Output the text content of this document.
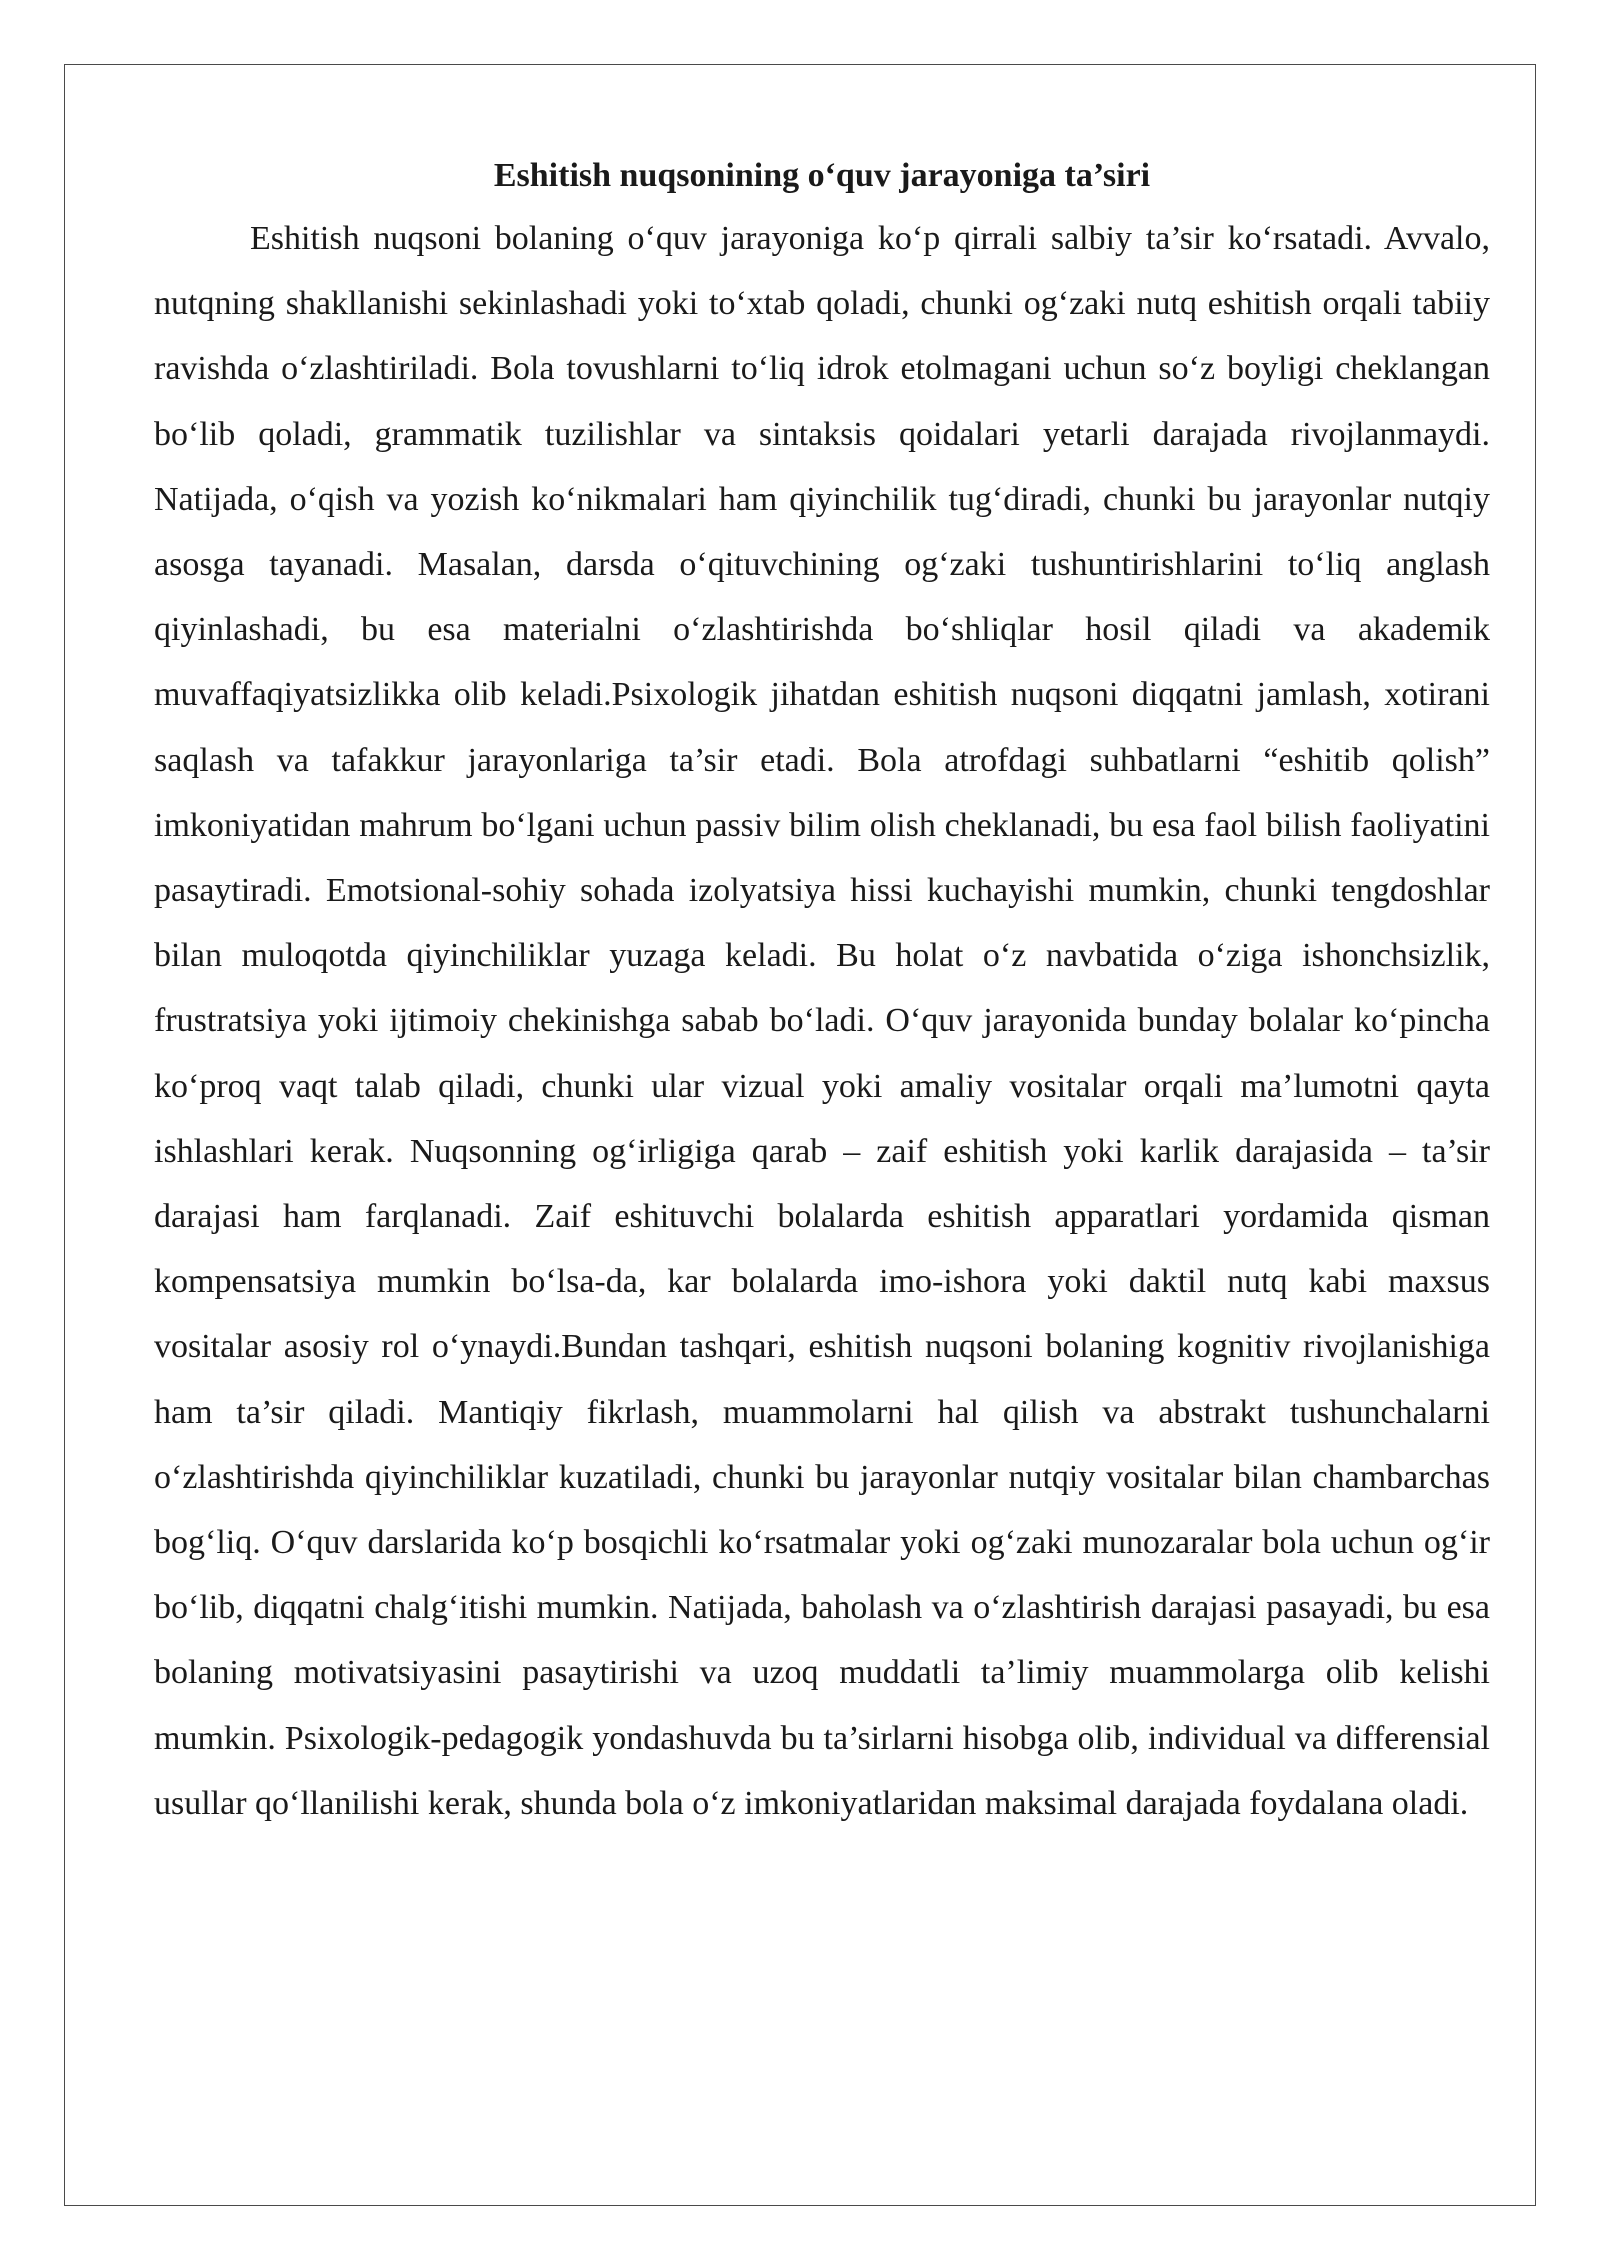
Eshitish nuqsonining o‘quv jarayoniga ta’siri

Eshitish nuqsoni bolaning o‘quv jarayoniga ko‘p qirrali salbiy ta’sir ko‘rsatadi. Avvalo, nutqning shakllanishi sekinlashadi yoki to‘xtab qoladi, chunki og‘zaki nutq eshitish orqali tabiiy ravishda o‘zlashtiriladi. Bola tovushlarni to‘liq idrok etolmagani uchun so‘z boyligi cheklangan bo‘lib qoladi, grammatik tuzilishlar va sintaksis qoidalari yetarli darajada rivojlanmaydi. Natijada, o‘qish va yozish ko‘nikmalari ham qiyinchilik tug‘diradi, chunki bu jarayonlar nutqiy asosga tayanadi. Masalan, darsda o‘qituvchining og‘zaki tushuntirishlarini to‘liq anglash qiyinlashadi, bu esa materialni o‘zlashtirishda bo‘shliqlar hosil qiladi va akademik muvaffaqiyatsizlikka olib keladi.Psixologik jihatdan eshitish nuqsoni diqqatni jamlash, xotirani saqlash va tafakkur jarayonlariga ta’sir etadi. Bola atrofdagi suhbatlarni “eshitib qolish” imkoniyatidan mahrum bo‘lgani uchun passiv bilim olish cheklanadi, bu esa faol bilish faoliyatini pasaytiradi. Emotsional-sohiy sohada izolyatsiya hissi kuchayishi mumkin, chunki tengdoshlar bilan muloqotda qiyinchiliklar yuzaga keladi. Bu holat o‘z navbatida o‘ziga ishonchsizlik, frustratsiya yoki ijtimoiy chekinishga sabab bo‘ladi. O‘quv jarayonida bunday bolalar ko‘pincha ko‘proq vaqt talab qiladi, chunki ular vizual yoki amaliy vositalar orqali ma’lumotni qayta ishlashlari kerak. Nuqsonning og‘irligiga qarab – zaif eshitish yoki karlik darajasida – ta’sir darajasi ham farqlanadi. Zaif eshituvchi bolalarda eshitish apparatlari yordamida qisman kompensatsiya mumkin bo‘lsa-da, kar bolalarda imo-ishora yoki daktil nutq kabi maxsus vositalar asosiy rol o‘ynaydi.Bundan tashqari, eshitish nuqsoni bolaning kognitiv rivojlanishiga ham ta’sir qiladi. Mantiqiy fikrlash, muammolarni hal qilish va abstrakt tushunchalarni o‘zlashtirishda qiyinchiliklar kuzatiladi, chunki bu jarayonlar nutqiy vositalar bilan chambarchas bog‘liq. O‘quv darslarida ko‘p bosqichli ko‘rsatmalar yoki og‘zaki munozaralar bola uchun og‘ir bo‘lib, diqqatni chalg‘itishi mumkin. Natijada, baholash va o‘zlashtirish darajasi pasayadi, bu esa bolaning motivatsiyasini pasaytirishi va uzoq muddatli ta’limiy muammolarga olib kelishi mumkin. Psixologik-pedagogik yondashuvda bu ta’sirlarni hisobga olib, individual va differensial usullar qo‘llanilishi kerak, shunda bola o‘z imkoniyatlaridan maksimal darajada foydalana oladi.
